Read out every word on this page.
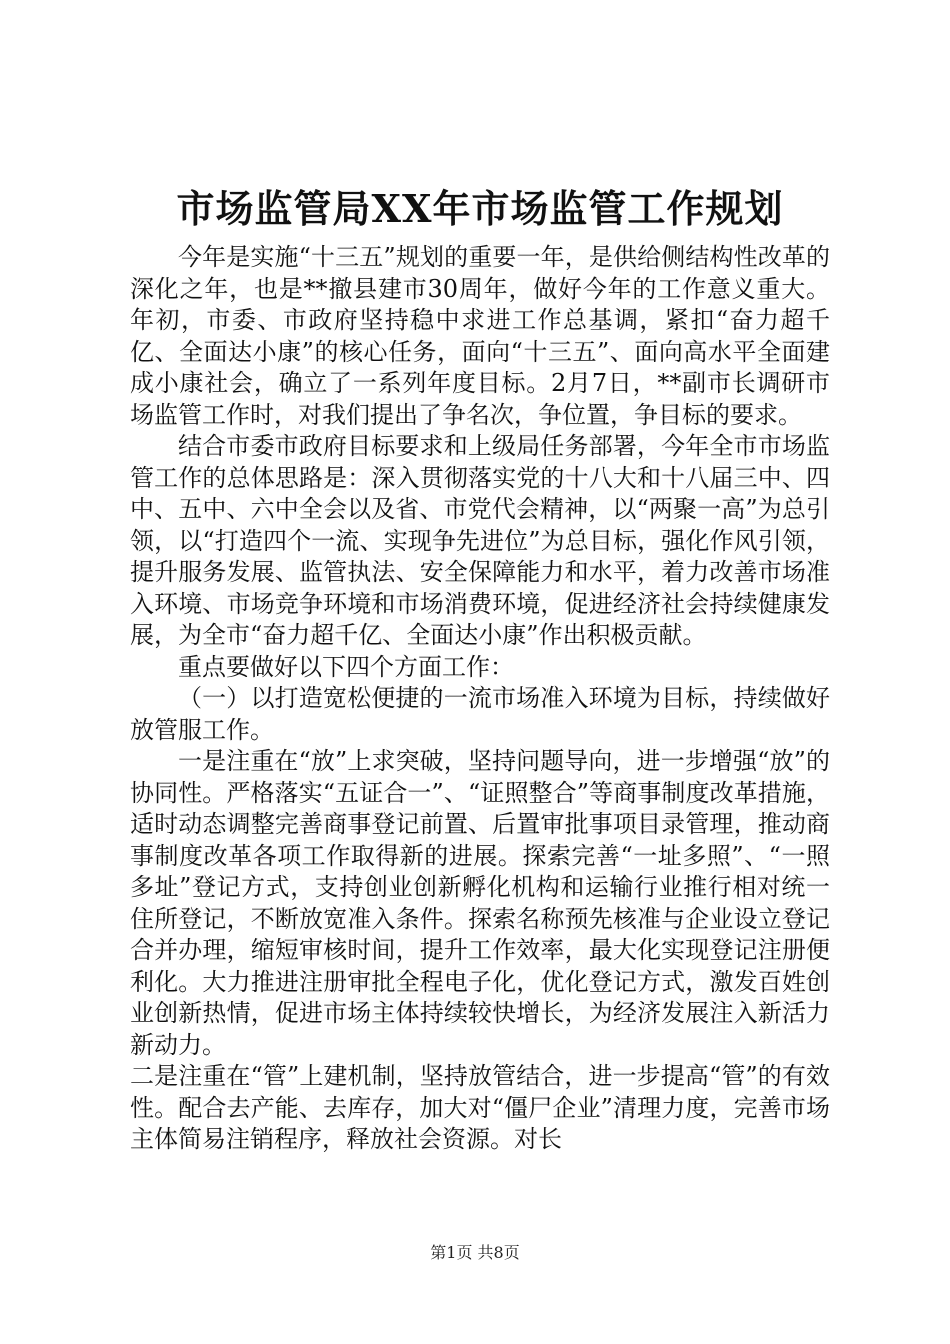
市场监管局XX年市场监管工作规划

今年是实施“十三五”规划的重要一年，是供给侧结构性改革的深化之年，也是**撤县建市30周年，做好今年的工作意义重大。年初，市委、市政府坚持稳中求进工作总基调，紧扣“奋力超千亿、全面达小康”的核心任务，面向“十三五”、面向高水平全面建成小康社会，确立了一系列年度目标。2月7日，**副市长调研市场监管工作时，对我们提出了争名次，争位置，争目标的要求。

结合市委市政府目标要求和上级局任务部署，今年全市市场监管工作的总体思路是：深入贯彻落实党的十八大和十八届三中、四中、五中、六中全会以及省、市党代会精神，以“两聚一高”为总引领，以“打造四个一流、实现争先进位”为总目标，强化作风引领，提升服务发展、监管执法、安全保障能力和水平，着力改善市场准入环境、市场竞争环境和市场消费环境，促进经济社会持续健康发展，为全市“奋力超千亿、全面达小康”作出积极贡献。

重点要做好以下四个方面工作：

（一）以打造宽松便捷的一流市场准入环境为目标，持续做好放管服工作。

一是注重在“放”上求突破，坚持问题导向，进一步增强“放”的协同性。严格落实“五证合一”、“证照整合”等商事制度改革措施，适时动态调整完善商事登记前置、后置审批事项目录管理，推动商事制度改革各项工作取得新的进展。探索完善“一址多照”、“一照多址”登记方式，支持创业创新孵化机构和运输行业推行相对统一住所登记，不断放宽准入条件。探索名称预先核准与企业设立登记合并办理，缩短审核时间，提升工作效率，最大化实现登记注册便利化。大力推进注册审批全程电子化，优化登记方式，激发百姓创业创新热情，促进市场主体持续较快增长，为经济发展注入新活力新动力。

二是注重在“管”上建机制，坚持放管结合，进一步提高“管”的有效性。配合去产能、去库存，加大对“僵尸企业”清理力度，完善市场主体简易注销程序，释放社会资源。对长

第1页 共8页
